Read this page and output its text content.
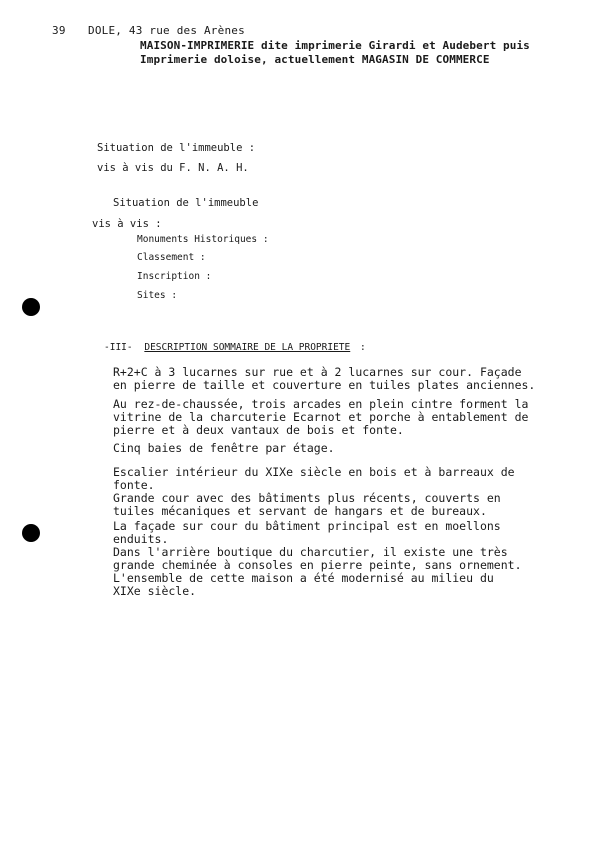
39 DOLE, 43 rue des Arènes
MAISON-IMPRIMERIE dite imprimerie Girardi et Audebert puis
Imprimerie doloise, actuellement MAGASIN DE COMMERCE
Situation de l'immeuble :
vis à vis du F. N. A. H.
Situation de l'immeuble
vis à vis :
Monuments Historiques :
Classement :
Inscription :
Sites :
-III- DESCRIPTION SOMMAIRE DE LA PROPRIETE :
R+2+C à 3 lucarnes sur rue et à 2 lucarnes sur cour. Façade
en pierre de taille et couverture en tuiles plates anciennes.
Au rez-de-chaussée, trois arcades en plein cintre forment la
vitrine de la charcuterie Ecarnot et porche à entablement de
pierre et à deux vantaux de bois et fonte.
Cinq baies de fenêtre par étage.
Escalier intérieur du XIXe siècle en bois et à barreaux de
fonte.
Grande cour avec des bâtiments plus récents, couverts en
tuiles mécaniques et servant de hangars et de bureaux.
La façade sur cour du bâtiment principal est en moellons
enduits.
Dans l'arrière boutique du charcutier, il existe une très
grande cheminée à consoles en pierre peinte, sans ornement.
L'ensemble de cette maison a été modernisé au milieu du
XIXe siècle.
